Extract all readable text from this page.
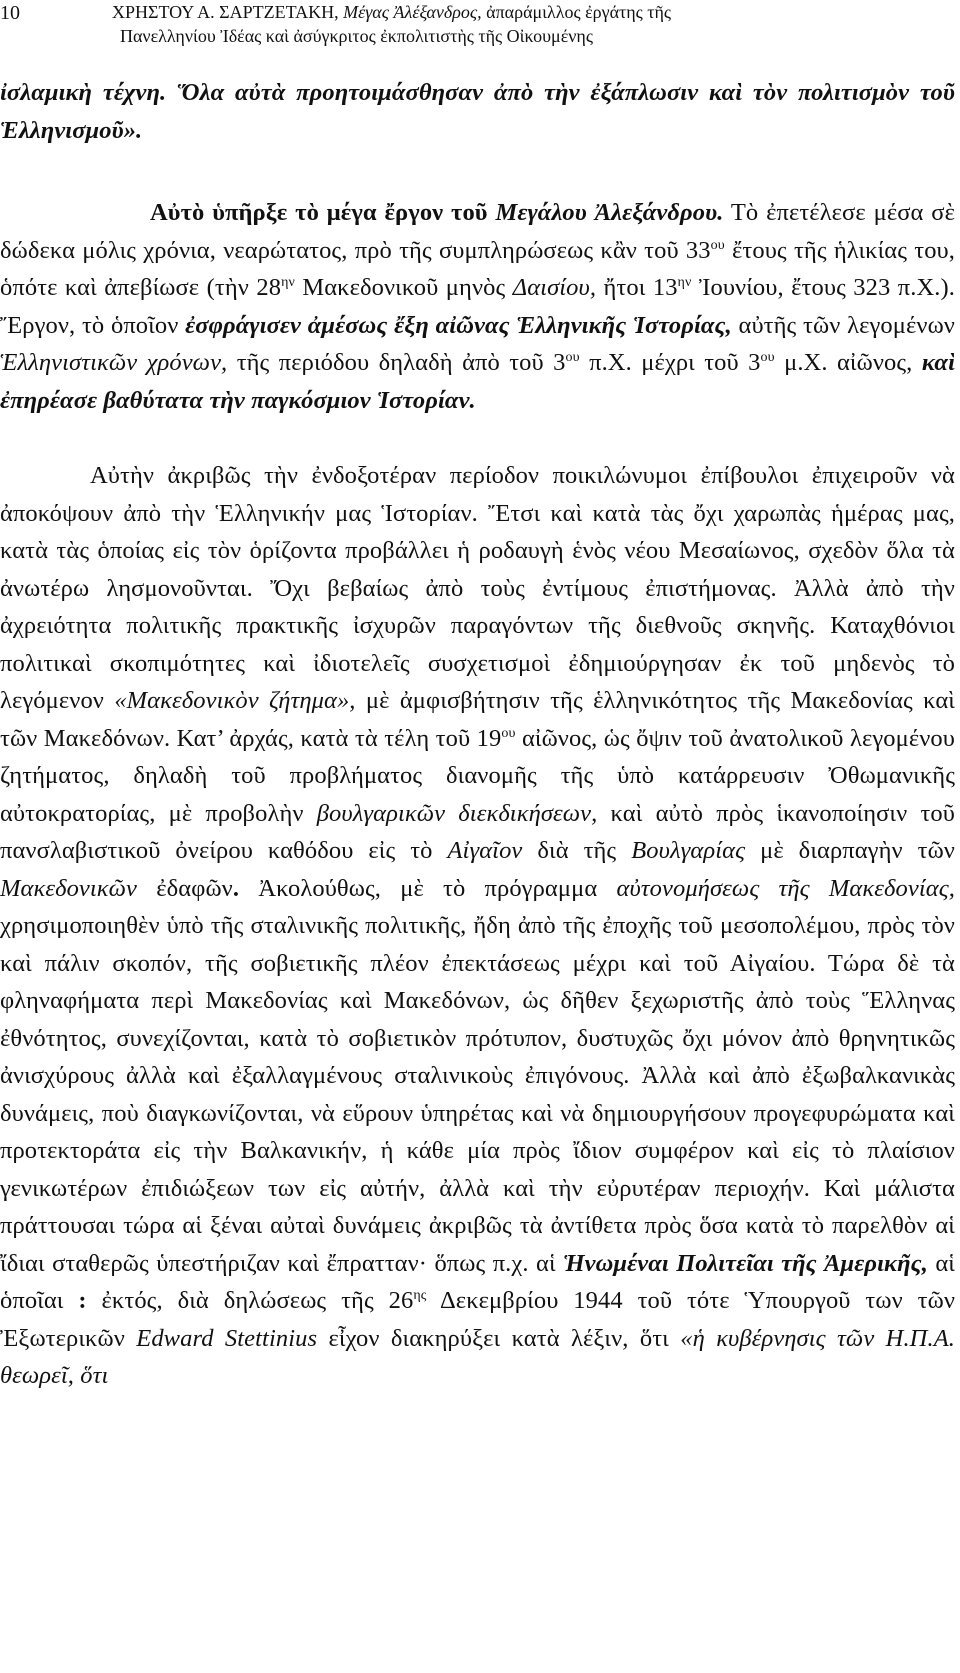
10	ΧΡΗΣΤΟΥ Α. ΣΑΡΤΖΕΤΑΚΗ, Μέγας Ἀλέξανδρος, ἀπαράμιλλος ἐργάτης τῆς
Πανελληνίου Ἰδέας καὶ ἀσύγκριτος ἐκπολιτιστὴς τῆς Οἰκουμένης

ἰσλαμικὴ τέχνη. Ὅλα αὐτὰ προητοιμάσθησαν ἀπὸ τὴν ἐξάπλωσιν καὶ τὸν πολιτισμὸν τοῦ Ἑλληνισμοῦ».

Αὐτὸ ὑπῆρξε τὸ μέγα ἔργον τοῦ Μεγάλου Ἀλεξάνδρου. Τὸ ἐπετέλεσε μέσα σὲ δώδεκα μόλις χρόνια, νεαρώτατος, πρὸ τῆς συμπληρώσεως κἂν τοῦ $33^{o\upsilon}$ ἔτους τῆς ἡλικίας του, ὁπότε καὶ ἀπεβίωσε (τὴν $28^{\eta\nu}$ Μακεδονικοῦ μηνὸς Δαισίου, ἤτοι $13^{\eta\nu}$ Ἰουνίου, ἔτους 323 π.Χ.). Ἔργον, τὸ ὁποῖον ἐσφράγισεν ἀμέσως ἔξη αἰῶνας Ἑλληνικῆς Ἱστορίας, αὐτῆς τῶν λεγομένων Ἑλληνιστικῶν χρόνων, τῆς περιόδου δηλαδὴ ἀπὸ τοῦ $3^{o\upsilon}$ π.Χ. μέχρι τοῦ $3^{o\upsilon}$ μ.Χ. αἰῶνος, καὶ ἐπηρέασε βαθύτατα τὴν παγκόσμιον Ἱστορίαν.

Αὐτὴν ἀκριβῶς τὴν ἐνδοξοτέραν περίοδον ποικιλώνυμοι ἐπίβουλοι ἐπιχειροῦν νὰ ἀποκόψουν ἀπὸ τὴν Ἑλληνικήν μας Ἱστορίαν. Ἔτσι καὶ κατὰ τὰς ὄχι χαρωπὰς ἡμέρας μας, κατὰ τὰς ὁποίας εἰς τὸν ὁρίζοντα προβάλλει ἡ ροδαυγὴ ἑνὸς νέου Μεσαίωνος, σχεδὸν ὅλα τὰ ἀνωτέρω λησμονοῦνται. Ὄχι βεβαίως ἀπὸ τοὺς ἐντίμους ἐπιστήμονας. Ἀλλὰ ἀπὸ τὴν ἀχρειότητα πολιτικῆς πρακτικῆς ἰσχυρῶν παραγόντων τῆς διεθνοῦς σκηνῆς. Καταχθόνιοι πολιτικαὶ σκοπιμότητες καὶ ἰδιοτελεῖς συσχετισμοὶ ἐδημιούργησαν ἐκ τοῦ μηδενὸς τὸ λεγόμενον «Μακεδονικὸν ζήτημα», μὲ ἀμφισβήτησιν τῆς ἑλληνικότητος τῆς Μακεδονίας καὶ τῶν Μακεδόνων. Κατ’ ἀρχάς, κατὰ τὰ τέλη τοῦ $19^{o\upsilon}$ αἰῶνος, ὡς ὄψιν τοῦ ἀνατολικοῦ λεγομένου ζητήματος, δηλαδὴ τοῦ προβλήματος διανομῆς τῆς ὑπὸ κατάρρευσιν Ὀθωμανικῆς αὐτοκρατορίας, μὲ προβολὴν βουλγαρικῶν διεκδικήσεων, καὶ αὐτὸ πρὸς ἱκανοποίησιν τοῦ πανσλαβιστικοῦ ὀνείρου καθόδου εἰς τὸ Αἰγαῖον διὰ τῆς Βουλγαρίας μὲ διαρπαγὴν τῶν Μακεδονικῶν ἐδαφῶν. Ἀκολούθως, μὲ τὸ πρόγραμμα αὐτονομήσεως τῆς Μακεδονίας, χρησιμοποιηθὲν ὑπὸ τῆς σταλινικῆς πολιτικῆς, ἤδη ἀπὸ τῆς ἐποχῆς τοῦ μεσοπολέμου, πρὸς τὸν καὶ πάλιν σκοπόν, τῆς σοβιετικῆς πλέον ἐπεκτάσεως μέχρι καὶ τοῦ Αἰγαίου. Τώρα δὲ τὰ φληναφήματα περὶ Μακεδονίας καὶ Μακεδόνων, ὡς δῆθεν ξεχωριστῆς ἀπὸ τοὺς Ἕλληνας ἐθνότητος, συνεχίζονται, κατὰ τὸ σοβιετικὸν πρότυπον, δυστυχῶς ὄχι μόνον ἀπὸ θρηνητικῶς ἀνισχύρους ἀλλὰ καὶ ἐξαλλαγμένους σταλινικοὺς ἐπιγόνους. Ἀλλὰ καὶ ἀπὸ ἐξωβαλκανικὰς δυνάμεις, ποὺ διαγκωνίζονται, νὰ εὕρουν ὑπηρέτας καὶ νὰ δημιουργήσουν προγεφυρώματα καὶ προτεκτοράτα εἰς τὴν Βαλκανικήν, ἡ κάθε μία πρὸς ἴδιον συμφέρον καὶ εἰς τὸ πλαίσιον γενικωτέρων ἐπιδιώξεων των εἰς αὐτήν, ἀλλὰ καὶ τὴν εὐρυτέραν περιοχήν. Καὶ μάλιστα πράττουσαι τώρα αἱ ξέναι αὐταὶ δυνάμεις ἀκριβῶς τὰ ἀντίθετα πρὸς ὅσα κατὰ τὸ παρελθὸν αἱ ἴδιαι σταθερῶς ὑπεστήριζαν καὶ ἔπρατταν· ὅπως π.χ. αἱ Ἡνωμέναι Πολιτεῖαι τῆς Ἀμερικῆς, αἱ ὁποῖαι : ἐκτός, διὰ δηλώσεως τῆς $26^{\eta\varsigma}$ Δεκεμβρίου 1944 τοῦ τότε Ὑπουργοῦ των τῶν Ἐξωτερικῶν Edward Stettinius εἶχον διακηρύξει κατὰ λέξιν, ὅτι «ἡ κυβέρνησις τῶν Η.Π.Α. θεωρεῖ, ὅτι
